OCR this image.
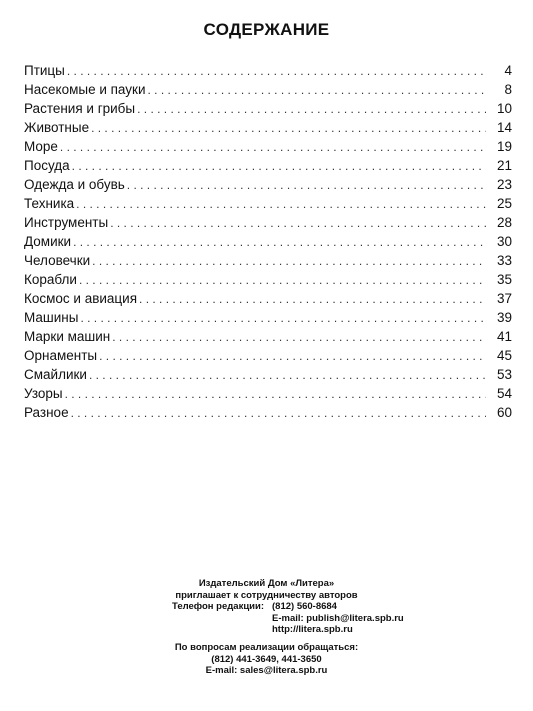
СОДЕРЖАНИЕ
Птицы . . .	4
Насекомые и пауки . . .	8
Растения и грибы . . .	10
Животные . . .	14
Море . . .	19
Посуда . . .	21
Одежда и обувь . . .	23
Техника . . .	25
Инструменты . . .	28
Домики . . .	30
Человечки . . .	33
Корабли . . .	35
Космос и авиация . . .	37
Машины . . .	39
Марки машин . . .	41
Орнаменты . . .	45
Смайлики . . .	53
Узоры . . .	54
Разное . . .	60
Издательский Дом «Литера»
приглашает к сотрудничеству авторов
Телефон редакции: (812) 560-8684
E-mail: publish@litera.spb.ru
http://litera.spb.ru
По вопросам реализации обращаться:
(812) 441-3649, 441-3650
E-mail: sales@litera.spb.ru
